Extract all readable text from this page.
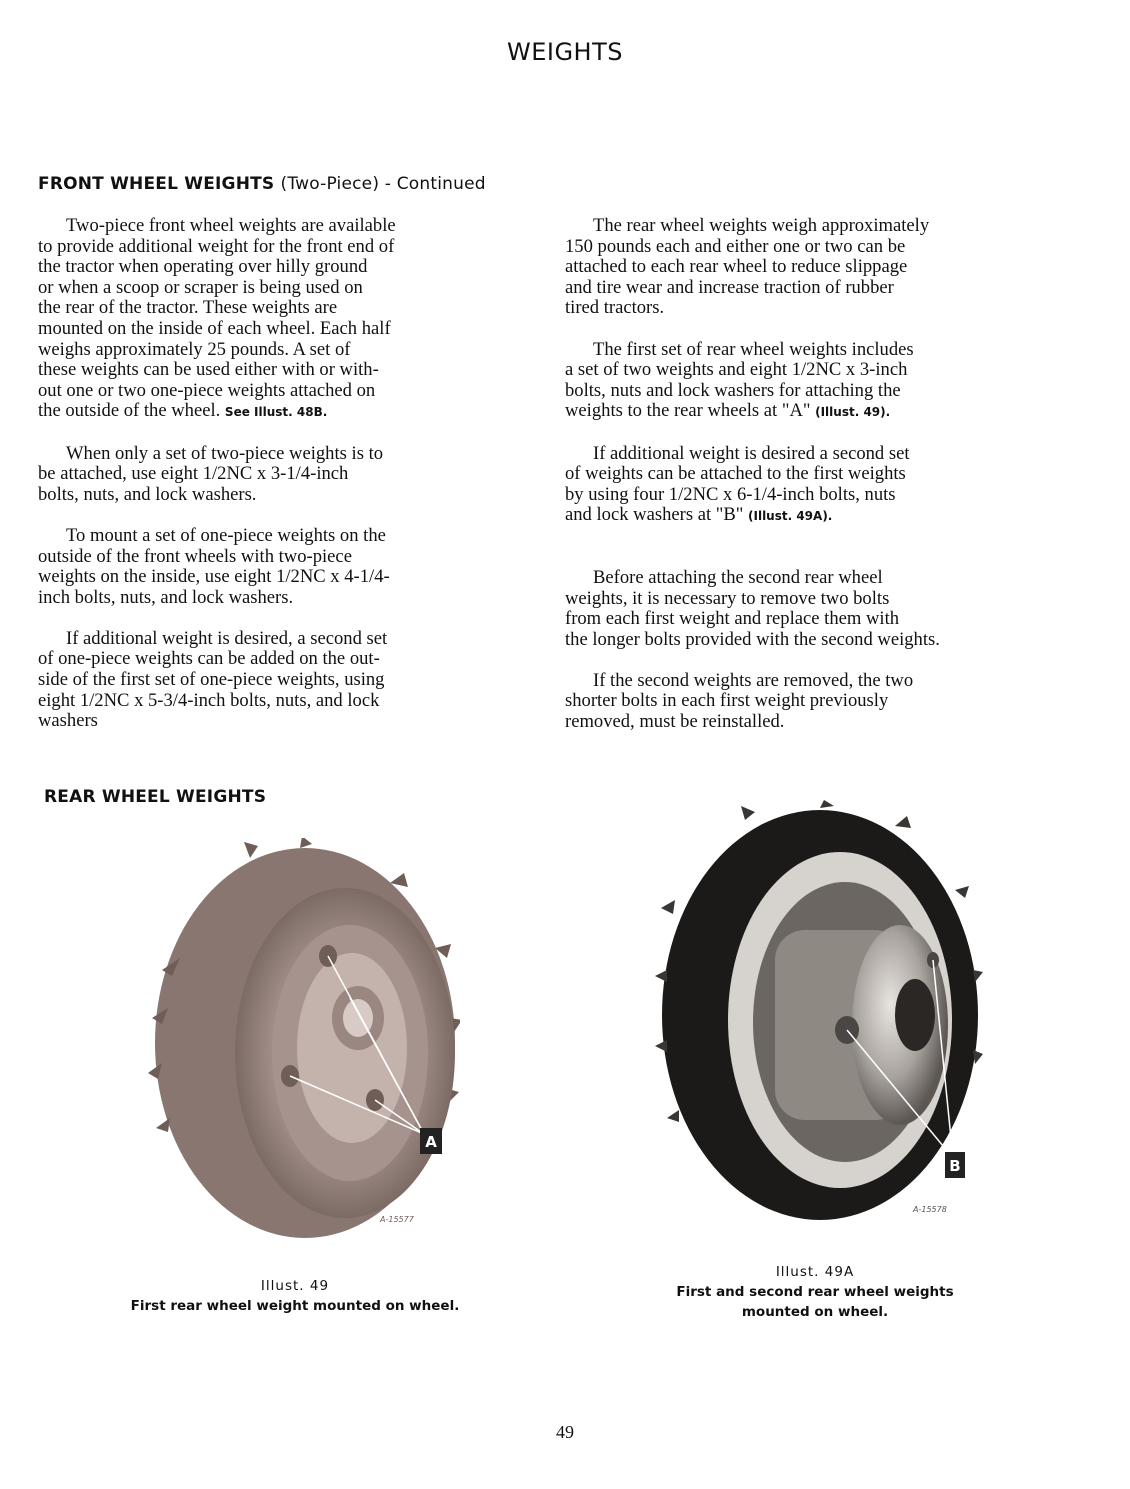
WEIGHTS
FRONT WHEEL WEIGHTS (Two-Piece) - Continued

Two-piece front wheel weights are available
to provide additional weight for the front end of
the tractor when operating over hilly ground
or when a scoop or scraper is being used on
the rear of the tractor. These weights are
mounted on the inside of each wheel. Each half
weighs approximately 25 pounds. A set of
these weights can be used either with or with-
out one or two one-piece weights attached on
the outside of the wheel. See Illust. 48B.

When only a set of two-piece weights is to
be attached, use eight 1/2NC x 3-1/4-inch
bolts, nuts, and lock washers.

To mount a set of one-piece weights on the
outside of the front wheels with two-piece
weights on the inside, use eight 1/2NC x 4-1/4-
inch bolts, nuts, and lock washers.

If additional weight is desired, a second set
of one-piece weights can be added on the out-
side of the first set of one-piece weights, using
eight 1/2NC x 5-3/4-inch bolts, nuts, and lock
washers

The rear wheel weights weigh approximately
150 pounds each and either one or two can be
attached to each rear wheel to reduce slippage
and tire wear and increase traction of rubber
tired tractors.

The first set of rear wheel weights includes
a set of two weights and eight 1/2NC x 3-inch
bolts, nuts and lock washers for attaching the
weights to the rear wheels at "A" (Illust. 49).

If additional weight is desired a second set
of weights can be attached to the first weights
by using four 1/2NC x 6-1/4-inch bolts, nuts
and lock washers at "B" (Illust. 49A).

Before attaching the second rear wheel
weights, it is necessary to remove two bolts
from each first weight and replace them with
the longer bolts provided with the second weights.

If the second weights are removed, the two
shorter bolts in each first weight previously
removed, must be reinstalled.

REAR WHEEL WEIGHTS
A
A-15577
Illust. 49
First rear wheel weight mounted on wheel.
B
A-15578
Illust. 49A
First and second rear wheel weights
mounted on wheel.
49
